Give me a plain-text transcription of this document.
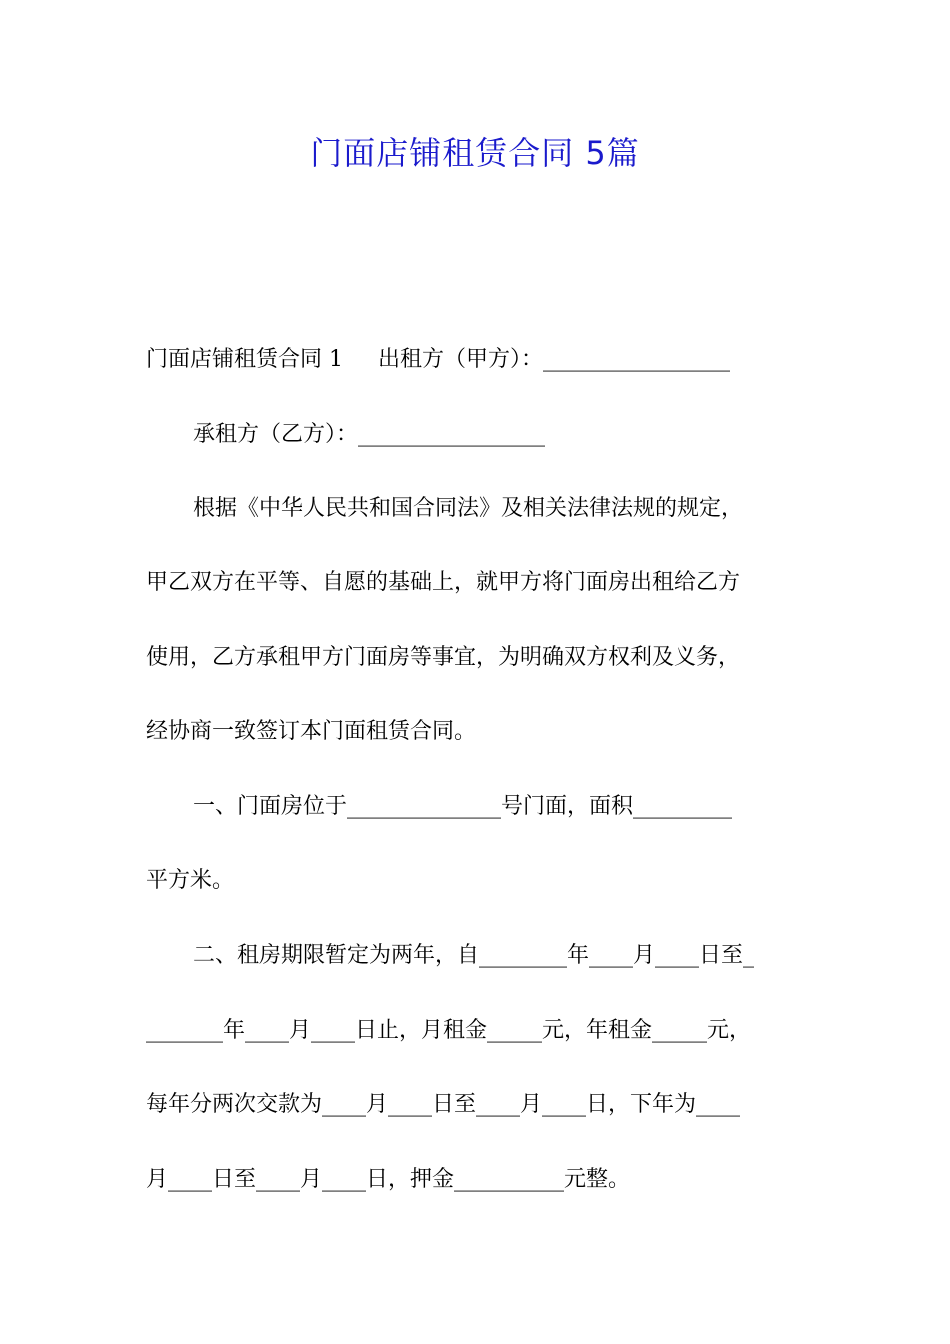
门面店铺租赁合同 5篇

门面店铺租赁合同 1     出租方（甲方）：_________________

承租方（乙方）：_________________

根据《中华人民共和国合同法》及相关法律法规的规定，

甲乙双方在平等、自愿的基础上，就甲方将门面房出租给乙方

使用，乙方承租甲方门面房等事宜，为明确双方权利及义务，

经协商一致签订本门面租赁合同。

一、门面房位于______________号门面，面积_________

平方米。

二、租房期限暂定为两年，自________年____月____日至_

_______年____月____日止，月租金_____元，年租金_____元，

每年分两次交款为____月____日至____月____日，下年为____

月____日至____月____日，押金__________元整。
